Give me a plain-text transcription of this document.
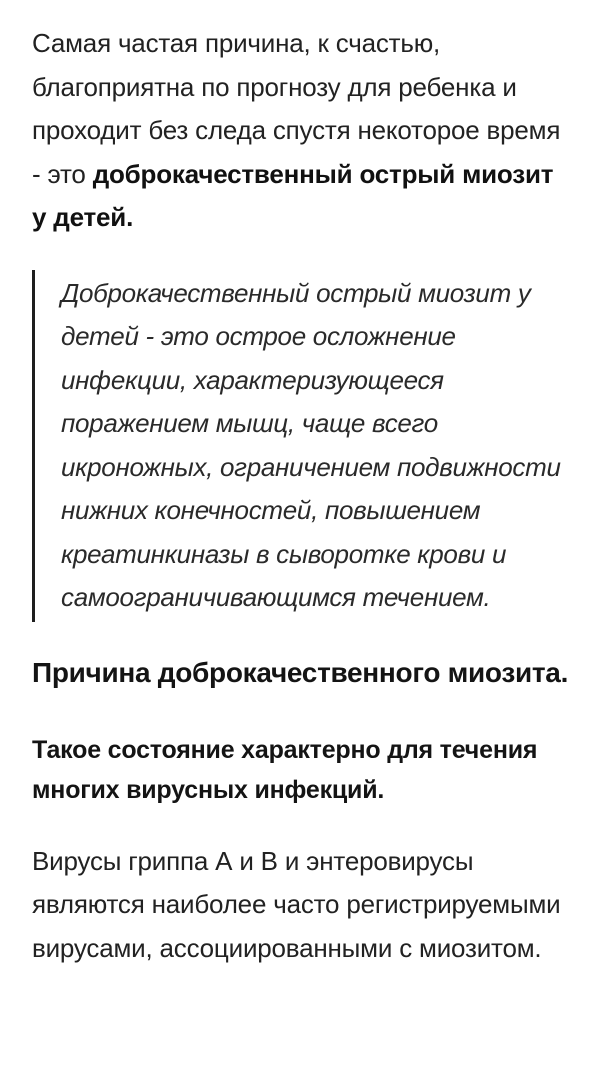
Самая частая причина, к счастью, благоприятна по прогнозу для ребенка и проходит без следа спустя некоторое время - это доброкачественный острый миозит у детей.

Доброкачественный острый миозит у детей - это острое осложнение инфекции, характеризующееся поражением мышц, чаще всего икроножных, ограничением подвижности нижних конечностей, повышением креатинкиназы в сыворотке крови и самоограничивающимся течением.

Причина доброкачественного миозита.
Такое состояние характерно для течения многих вирусных инфекций.

Вирусы гриппа А и В и энтеровирусы являются наиболее часто регистрируемыми вирусами, ассоциированными с миозитом.
